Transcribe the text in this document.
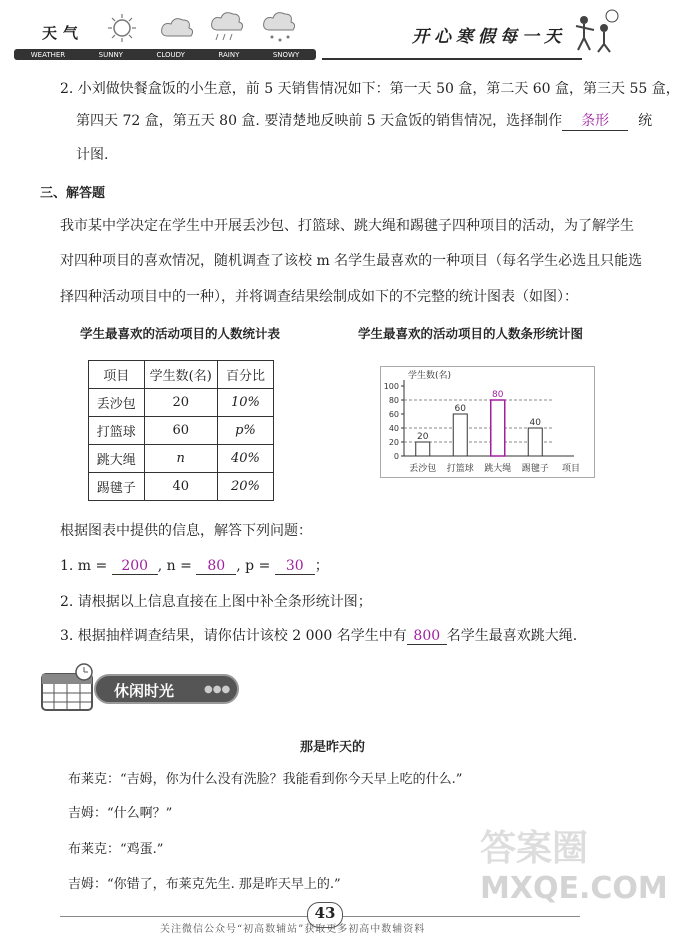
天气
WEATHER	SUNNY	CLOUDY	RAINY	SNOWY
开心寒假每一天

2. 小刘做快餐盒饭的小生意，前 5 天销售情况如下：第一天 50 盒，第二天 60 盒，第三天 55 盒，

第四天 72 盒，第五天 80 盒. 要清楚地反映前 5 天盒饭的销售情况，选择制作 条形 统

计图.

三、解答题

我市某中学决定在学生中开展丢沙包、打篮球、跳大绳和踢毽子四种项目的活动，为了解学生

对四种项目的喜欢情况，随机调查了该校 m 名学生最喜欢的一种项目（每名学生必选且只能选

择四种活动项目中的一种），并将调查结果绘制成如下的不完整的统计图表（如图）：

学生最喜欢的活动项目的人数统计表
项目	学生数(名)	百分比
丢沙包	20	10%
打篮球	60	p%
跳大绳	n	40%
踢毽子	40	20%
学生最喜欢的活动项目的人数条形统计图
学生数(名)
0
20
40
60
80
100
20
丢沙包
60
打篮球
80
跳大绳
40
踢毽子 项目

根据图表中提供的信息，解答下列问题：

1. m = 200 , n = 80 , p = 30 ；

2. 请根据以上信息直接在上图中补全条形统计图；

3. 根据抽样调查结果，请你估计该校 2 000 名学生中有 800 名学生最喜欢跳大绳.

休闲时光	●●●
那是昨天的

布莱克：“吉姆，你为什么没有洗脸？我能看到你今天早上吃的什么.”

吉姆：“什么啊？”

布莱克：“鸡蛋.”

吉姆：“你错了，布莱克先生. 那是昨天早上的.”

43
关注微信公众号“初高数辅站”获取更多初高中数辅资料
答案圈
MXQE.COM
